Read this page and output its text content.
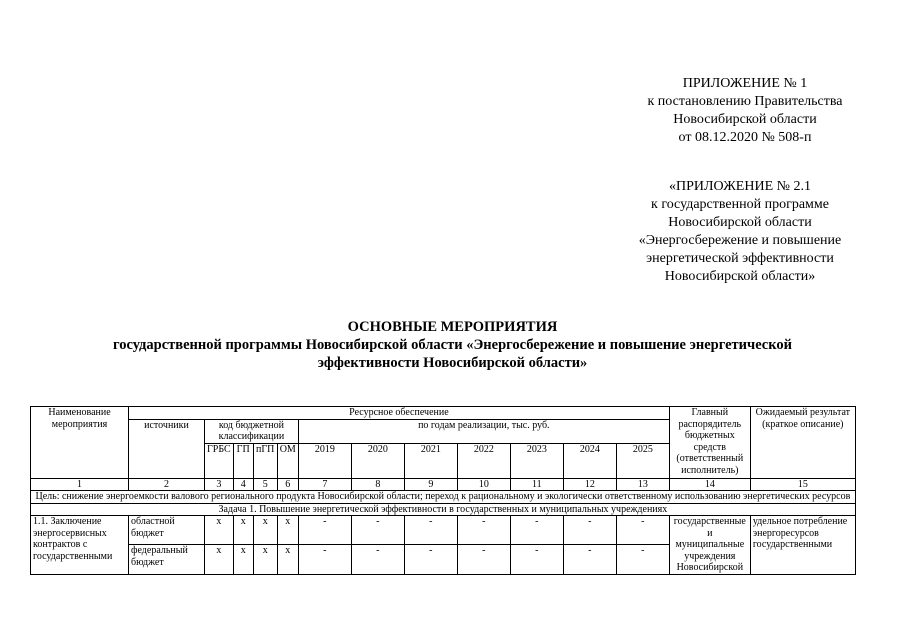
ПРИЛОЖЕНИЕ № 1
к постановлению Правительства
Новосибирской области
от 08.12.2020 № 508-п
«ПРИЛОЖЕНИЕ № 2.1
к государственной программе
Новосибирской области
«Энергосбережение и повышение
энергетической эффективности
Новосибирской области»
ОСНОВНЫЕ МЕРОПРИЯТИЯ
государственной программы Новосибирской области «Энергосбережение и повышение энергетической
эффективности Новосибирской области»
Наименование мероприятия	Ресурсное обеспечение												Главный распорядитель бюджетных средств (ответственный исполнитель)	Ожидаемый результат (краткое описание)
	источники	код бюджетной классификации				по годам реализации, тыс. руб.								
		ГРБС	ГП	пГП	ОМ	2019	2020	2021	2022	2023	2024	2025		
1	2	3	4	5	6	7	8	9	10	11	12	13	14	15
Цель: снижение энергоемкости валового регионального продукта Новосибирской области; переход к рациональному и экологически ответственному использованию энергетических ресурсов														
Задача 1. Повышение энергетической эффективности в государственных и муниципальных учреждениях														
1.1. Заключение энергосервисных контрактов с государственными	областной бюджет	х	х	х	х	-	-	-	-	-	-	-	государственные и муниципальные учреждения Новосибирской	удельное потребление энергоресурсов государственными
	федеральный бюджет	х	х	х	х	-	-	-	-	-	-	-		
